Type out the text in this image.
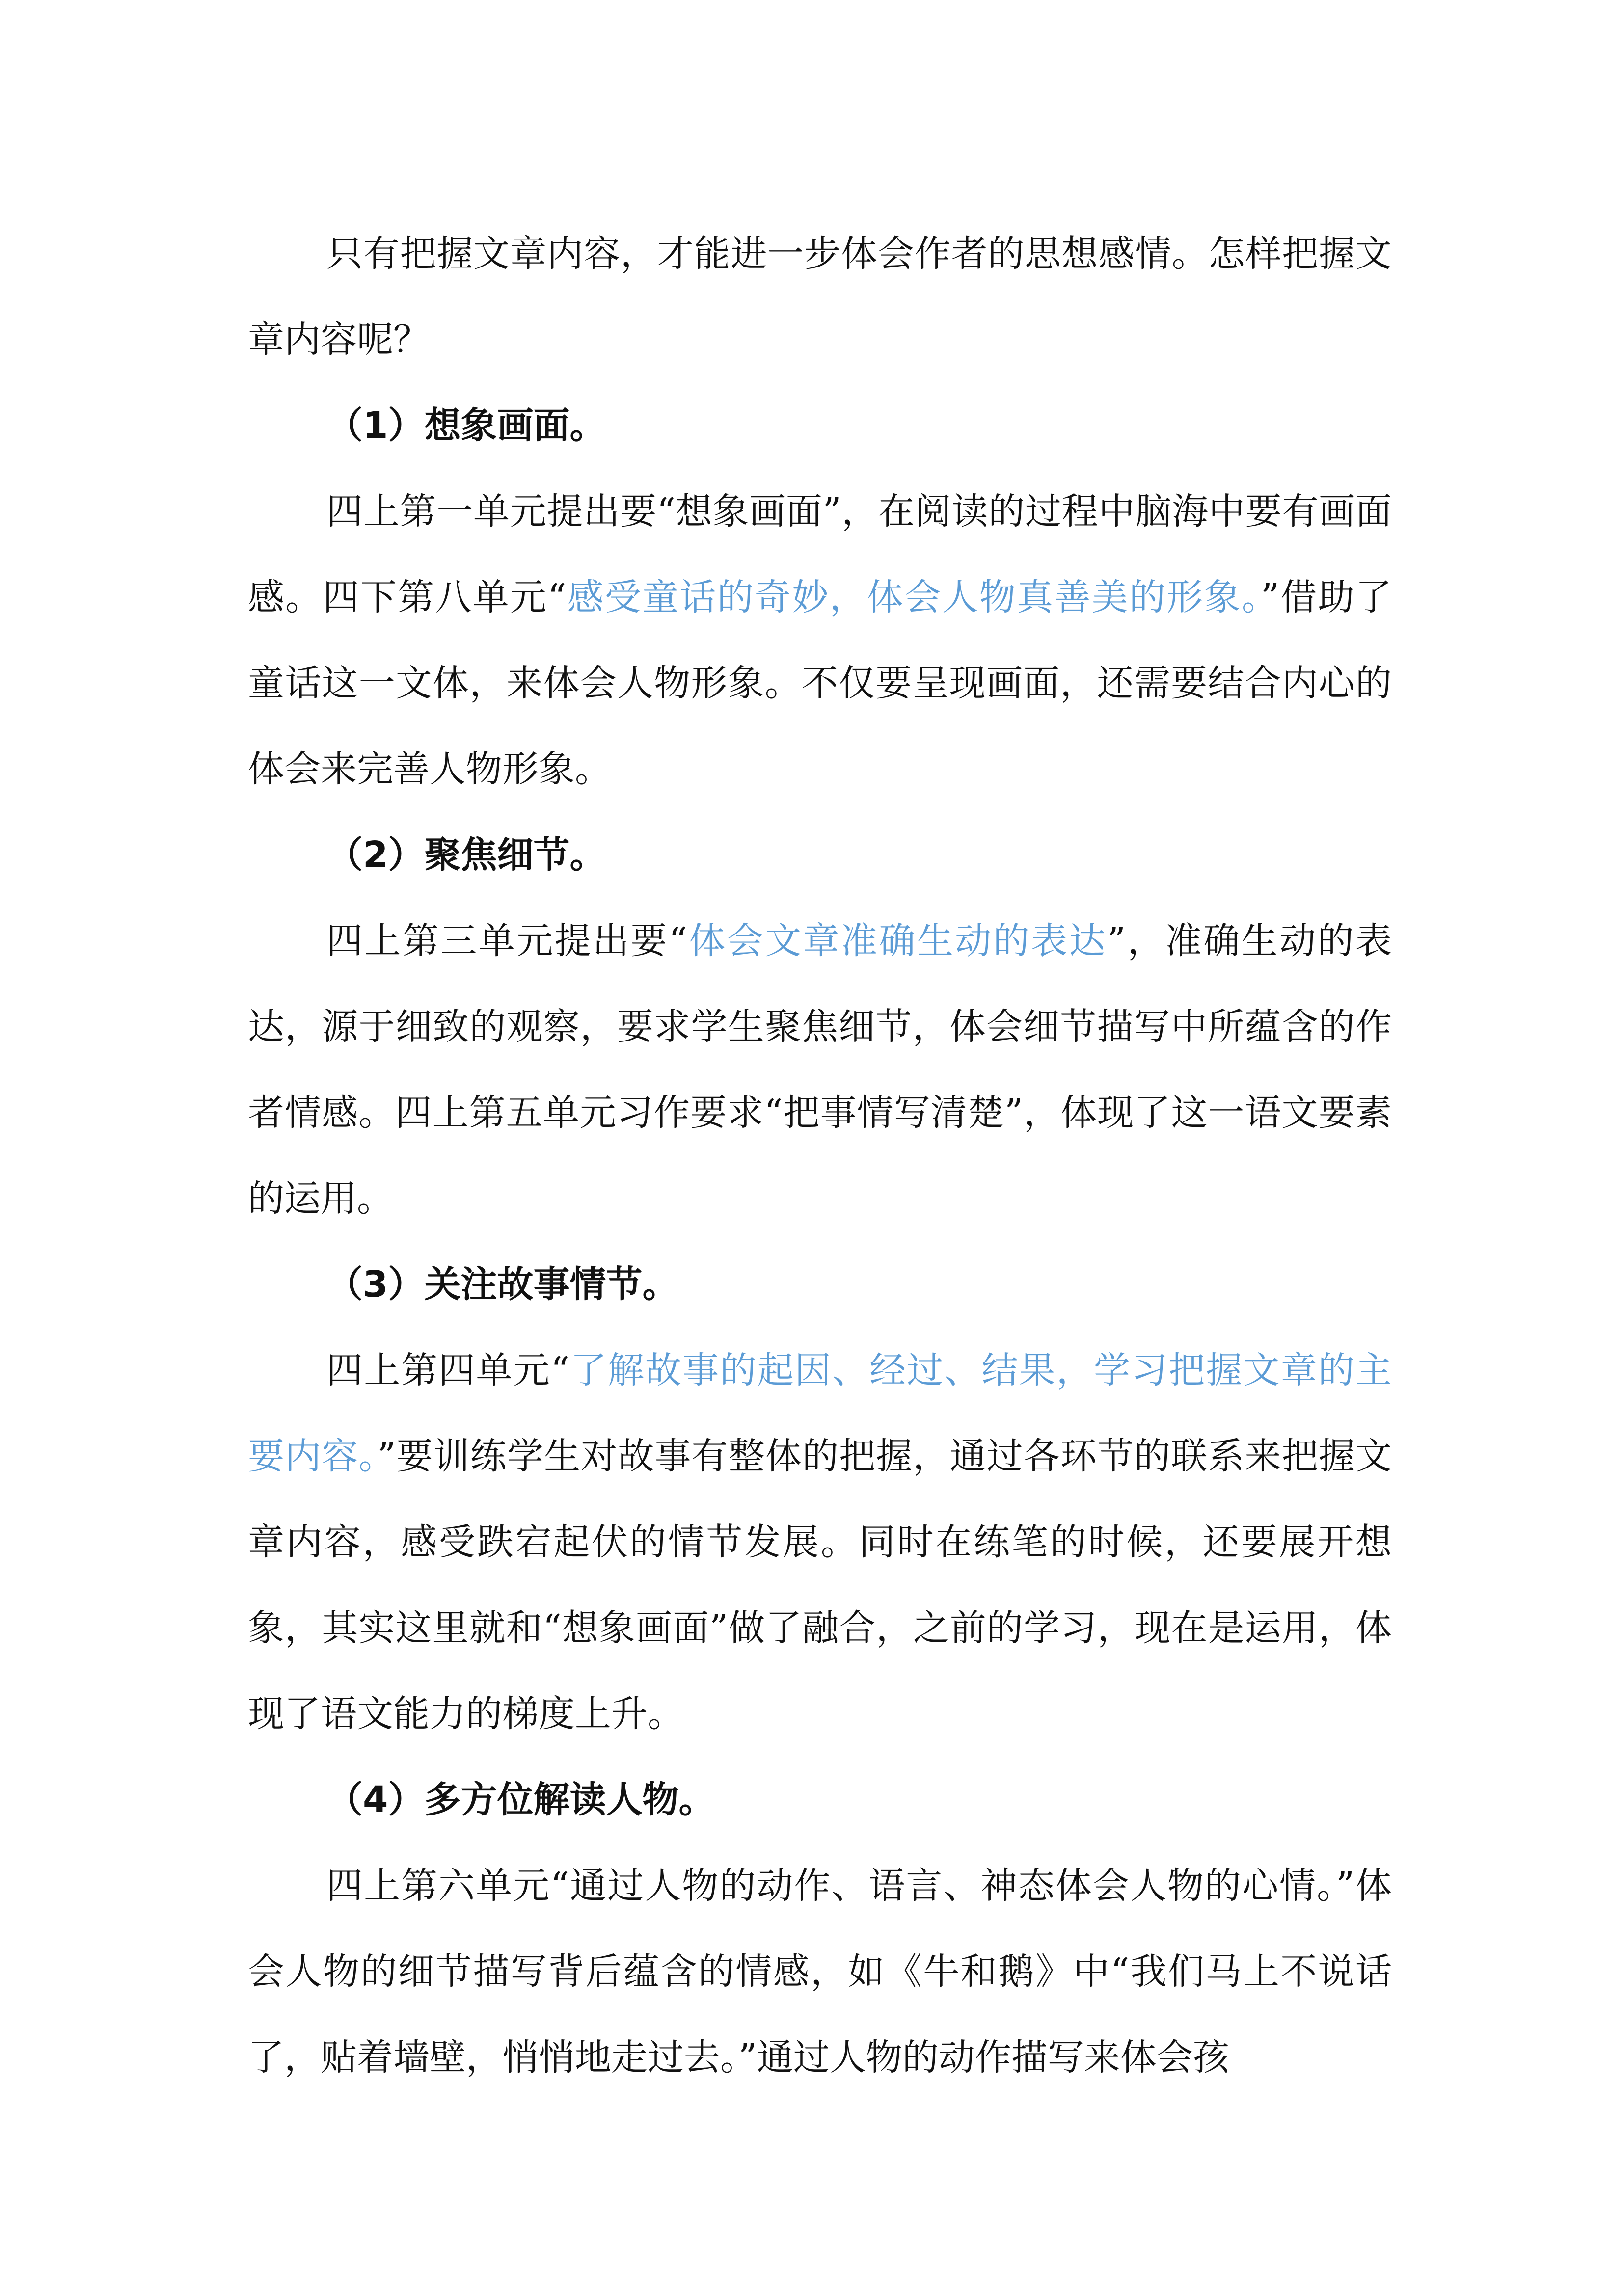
只有把握文章内容，才能进一步体会作者的思想感情。怎样把握文章内容呢？

（1）想象画面。

四上第一单元提出要“想象画面”，在阅读的过程中脑海中要有画面感。四下第八单元“感受童话的奇妙，体会人物真善美的形象。”借助了童话这一文体，来体会人物形象。不仅要呈现画面，还需要结合内心的体会来完善人物形象。

（2）聚焦细节。

四上第三单元提出要“体会文章准确生动的表达”，准确生动的表达，源于细致的观察，要求学生聚焦细节，体会细节描写中所蕴含的作者情感。四上第五单元习作要求“把事情写清楚”，体现了这一语文要素的运用。

（3）关注故事情节。

四上第四单元“了解故事的起因、经过、结果，学习把握文章的主要内容。”要训练学生对故事有整体的把握，通过各环节的联系来把握文章内容，感受跌宕起伏的情节发展。同时在练笔的时候，还要展开想象，其实这里就和“想象画面”做了融合，之前的学习，现在是运用，体现了语文能力的梯度上升。

（4）多方位解读人物。

四上第六单元“通过人物的动作、语言、神态体会人物的心情。”体会人物的细节描写背后蕴含的情感，如《牛和鹅》中“我们马上不说话了，贴着墙壁，悄悄地走过去。”通过人物的动作描写来体会孩
